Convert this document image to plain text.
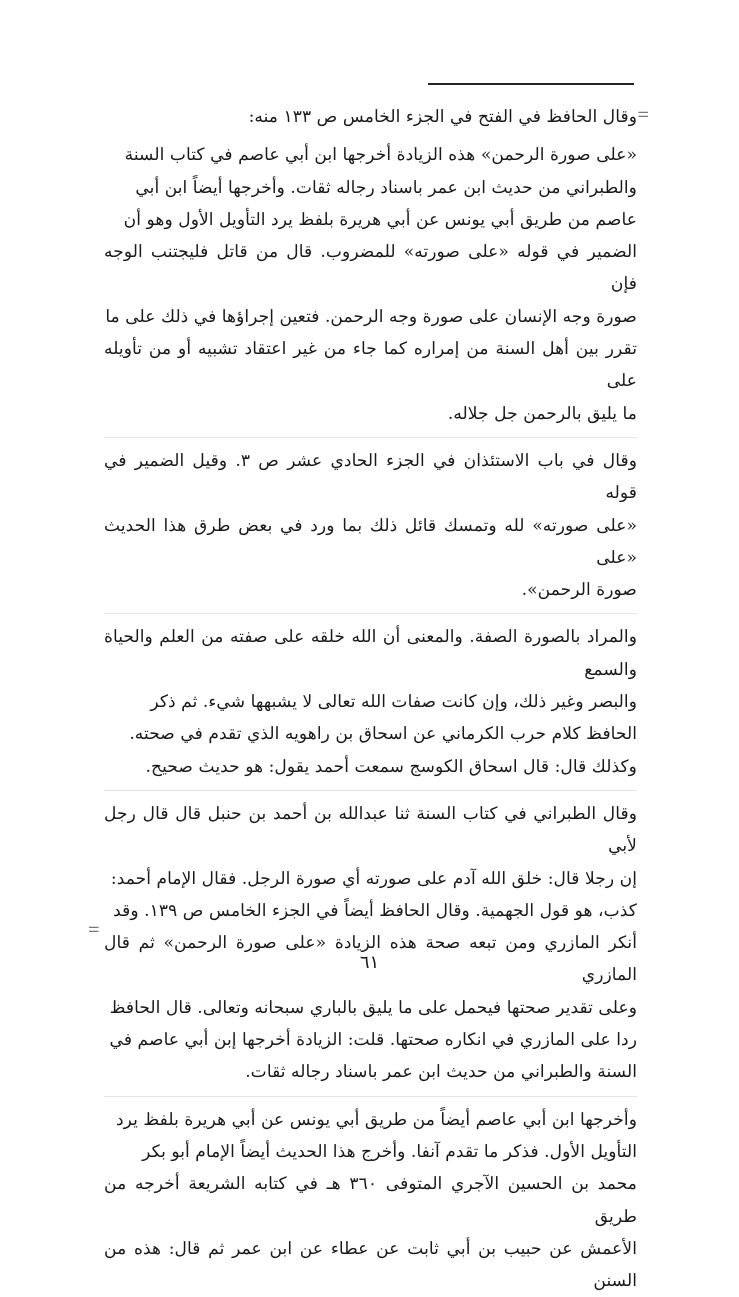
⚌

وقال الحافظ في الفتح في الجزء الخامس ص ١٣٣ منه:

«على صورة الرحمن» هذه الزيادة أخرجها ابن أبي عاصم في كتاب السنة
والطبراني من حديث ابن عمر باسناد رجاله ثقات. وأخرجها أيضاً ابن أبي
عاصم من طريق أبي يونس عن أبي هريرة بلفظ يرد التأويل الأول وهو أن
الضمير في قوله «على صورته» للمضروب. قال من قاتل فليجتنب الوجه فإن
صورة وجه الإنسان على صورة وجه الرحمن. فتعين إجراؤها في ذلك على ما
تقرر بين أهل السنة من إمراره كما جاء من غير اعتقاد تشبيه أو من تأويله على
ما يليق بالرحمن جل جلاله.

وقال في باب الاستئذان في الجزء الحادي عشر ص ٣. وقيل الضمير في قوله
«على صورته» لله وتمسك قائل ذلك بما ورد في بعض طرق هذا الحديث «على
صورة الرحمن».

والمراد بالصورة الصفة. والمعنى أن الله خلقه على صفته من العلم والحياة والسمع
والبصر وغير ذلك، وإن كانت صفات الله تعالى لا يشبهها شيء. ثم ذكر
الحافظ كلام حرب الكرماني عن اسحاق بن راهويه الذي تقدم في صحته.
وكذلك قال: قال اسحاق الكوسج سمعت أحمد يقول: هو حديث صحيح.

وقال الطبراني في كتاب السنة ثنا عبدالله بن أحمد بن حنبل قال قال رجل لأبي
إن رجلا قال: خلق الله آدم على صورته أي صورة الرجل. فقال الإمام أحمد:
كذب، هو قول الجهمية. وقال الحافظ أيضاً في الجزء الخامس ص ١٣٩. وقد
أنكر المازري ومن تبعه صحة هذه الزيادة «على صورة الرحمن» ثم قال المازري
وعلى تقدير صحتها فيحمل على ما يليق بالباري سبحانه وتعالى. قال الحافظ
ردا على المازري في انكاره صحتها. قلت: الزيادة أخرجها إبن أبي عاصم في
السنة والطبراني من حديث ابن عمر باسناد رجاله ثقات.

وأخرجها ابن أبي عاصم أيضاً من طريق أبي يونس عن أبي هريرة بلفظ يرد
التأويل الأول. فذكر ما تقدم آنفا. وأخرج هذا الحديث أيضاً الإمام أبو بكر
محمد بن الحسين الآجري المتوفى ٣٦٠ هـ في كتابه الشريعة أخرجه من طريق
الأعمش عن حبيب بن أبي ثابت عن عطاء عن ابن عمر ثم قال: هذه من السنن

⚌
٦١
